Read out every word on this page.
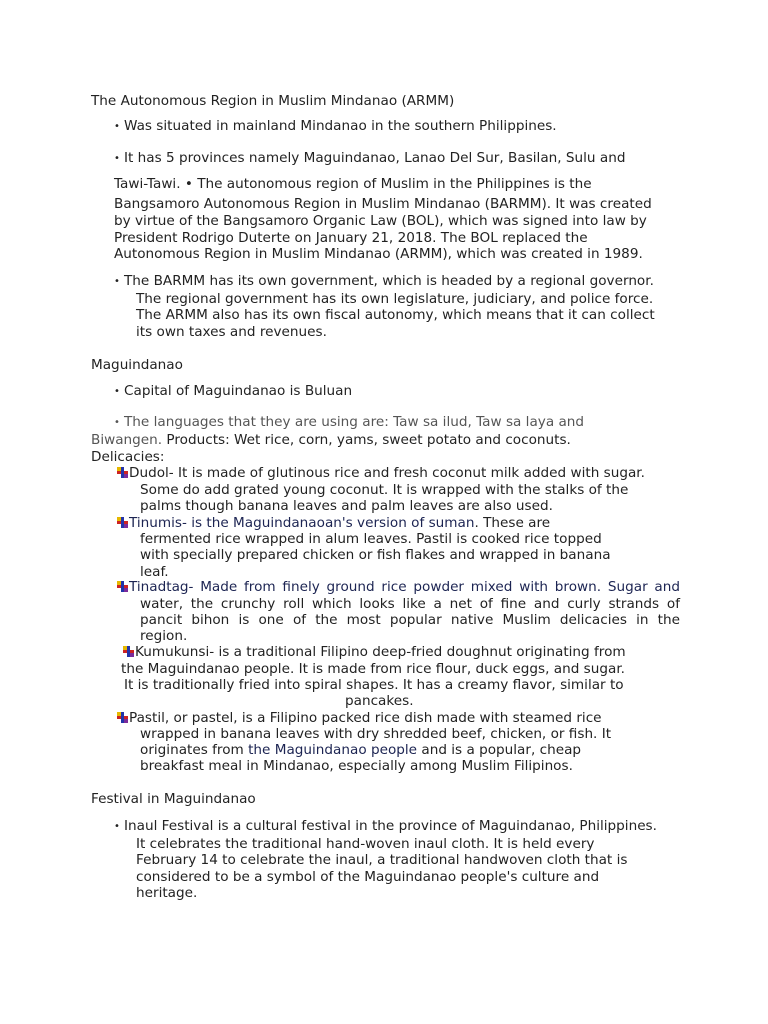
The Autonomous Region in Muslim Mindanao (ARMM)
• Was situated in mainland Mindanao in the southern Philippines.
• It has 5 provinces namely Maguindanao, Lanao Del Sur, Basilan, Sulu and
Tawi-Tawi. • The autonomous region of Muslim in the Philippines is the
Bangsamoro Autonomous Region in Muslim Mindanao (BARMM). It was created
by virtue of the Bangsamoro Organic Law (BOL), which was signed into law by
President Rodrigo Duterte on January 21, 2018. The BOL replaced the
Autonomous Region in Muslim Mindanao (ARMM), which was created in 1989.
• The BARMM has its own government, which is headed by a regional governor.
The regional government has its own legislature, judiciary, and police force.
The ARMM also has its own fiscal autonomy, which means that it can collect
its own taxes and revenues.
Maguindanao
• Capital of Maguindanao is Buluan
• The languages that they are using are: Taw sa ilud, Taw sa laya and
Biwangen. Products: Wet rice, corn, yams, sweet potato and coconuts.
Delicacies:
Dudol- It is made of glutinous rice and fresh coconut milk added with sugar.
Some do add grated young coconut. It is wrapped with the stalks of the
palms though banana leaves and palm leaves are also used.
Tinumis- is the Maguindanaoan's version of suman. These are
fermented rice wrapped in alum leaves. Pastil is cooked rice topped
with specially prepared chicken or fish flakes and wrapped in banana
leaf.
Tinadtag- Made from finely ground rice powder mixed with brown. Sugar and
water, the crunchy roll which looks like a net of fine and curly strands of
pancit bihon is one of the most popular native Muslim delicacies in the
region.
Kumukunsi- is a traditional Filipino deep-fried doughnut originating from
the Maguindanao people. It is made from rice flour, duck eggs, and sugar.
It is traditionally fried into spiral shapes. It has a creamy flavor, similar to
pancakes.
Pastil, or pastel, is a Filipino packed rice dish made with steamed rice
wrapped in banana leaves with dry shredded beef, chicken, or fish. It
originates from the Maguindanao people and is a popular, cheap
breakfast meal in Mindanao, especially among Muslim Filipinos.
Festival in Maguindanao
• Inaul Festival is a cultural festival in the province of Maguindanao, Philippines.
It celebrates the traditional hand-woven inaul cloth. It is held every
February 14 to celebrate the inaul, a traditional handwoven cloth that is
considered to be a symbol of the Maguindanao people's culture and
heritage.
